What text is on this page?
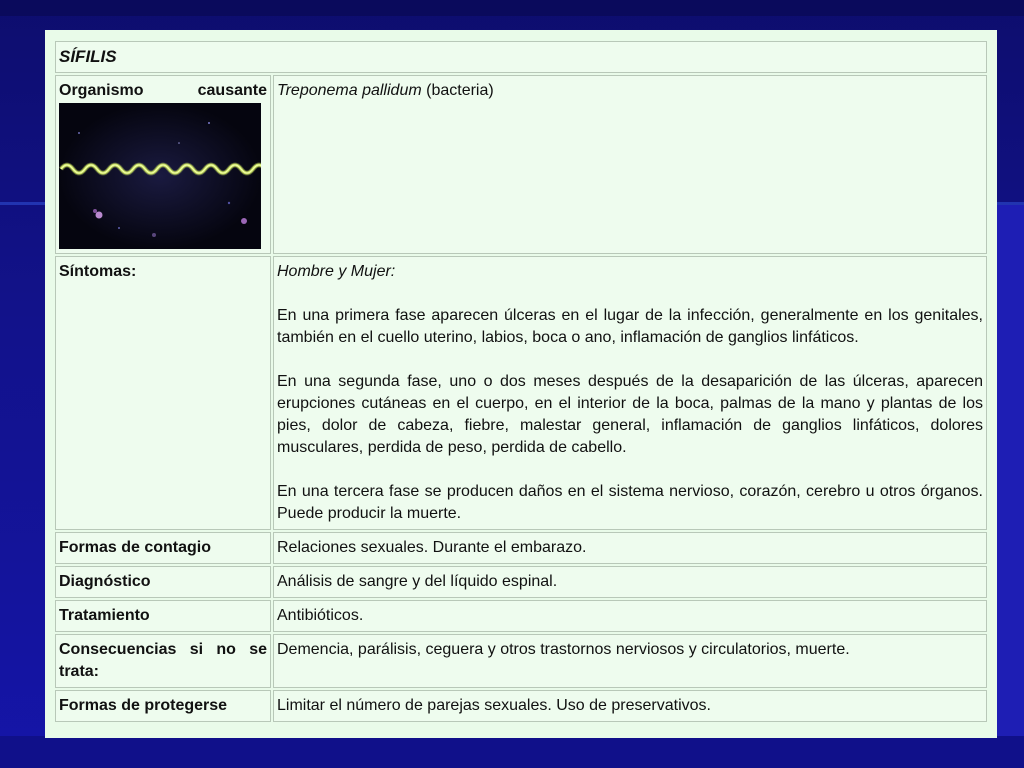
SÍFILIS	

Organismo causante	Treponema pallidum (bacteria)
Síntomas:	Hombre y Mujer:

En una primera fase aparecen úlceras en el lugar de la infección, generalmente en los genitales, también en el cuello uterino, labios, boca o ano, inflamación de ganglios linfáticos.

En una segunda fase, uno o dos meses después de la desaparición de las úlceras, aparecen erupciones cutáneas en el cuerpo, en el interior de la boca, palmas de la mano y plantas de los pies, dolor de cabeza, fiebre, malestar general, inflamación de ganglios linfáticos, dolores musculares, perdida de peso, perdida de cabello.

En una tercera fase se producen daños en el sistema nervioso, corazón, cerebro u otros órganos. Puede producir la muerte.

Formas de contagio	Relaciones sexuales. Durante el embarazo.
Diagnóstico	Análisis de sangre y del líquido espinal.
Tratamiento	Antibióticos.
Consecuencias si no se trata:	Demencia, parálisis, ceguera y otros trastornos nerviosos y circulatorios, muerte.
Formas de protegerse	Limitar el número de parejas sexuales. Uso de preservativos.
